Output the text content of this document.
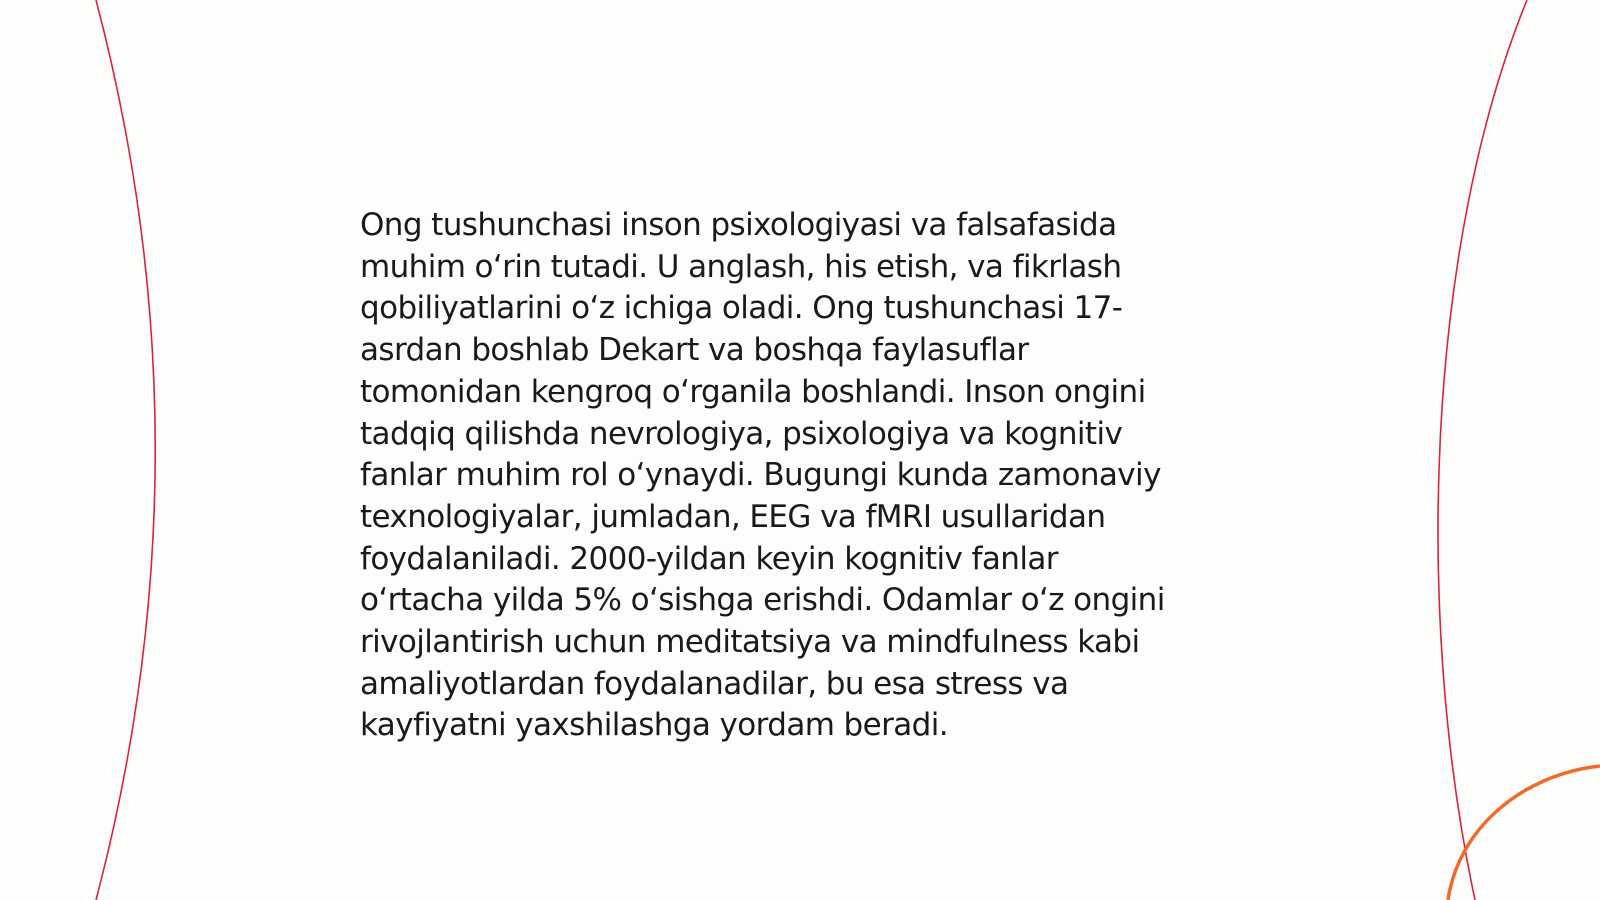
Ong tushunchasi inson psixologiyasi va falsafasida
muhim o‘rin tutadi. U anglash, his etish, va fikrlash
qobiliyatlarini o‘z ichiga oladi. Ong tushunchasi 17-
asrdan boshlab Dekart va boshqa faylasuflar
tomonidan kengroq o‘rganila boshlandi. Inson ongini
tadqiq qilishda nevrologiya, psixologiya va kognitiv
fanlar muhim rol o‘ynaydi. Bugungi kunda zamonaviy
texnologiyalar, jumladan, EEG va fMRI usullaridan
foydalaniladi. 2000-yildan keyin kognitiv fanlar
o‘rtacha yilda 5% o‘sishga erishdi. Odamlar o‘z ongini
rivojlantirish uchun meditatsiya va mindfulness kabi
amaliyotlardan foydalanadilar, bu esa stress va
kayfiyatni yaxshilashga yordam beradi.
